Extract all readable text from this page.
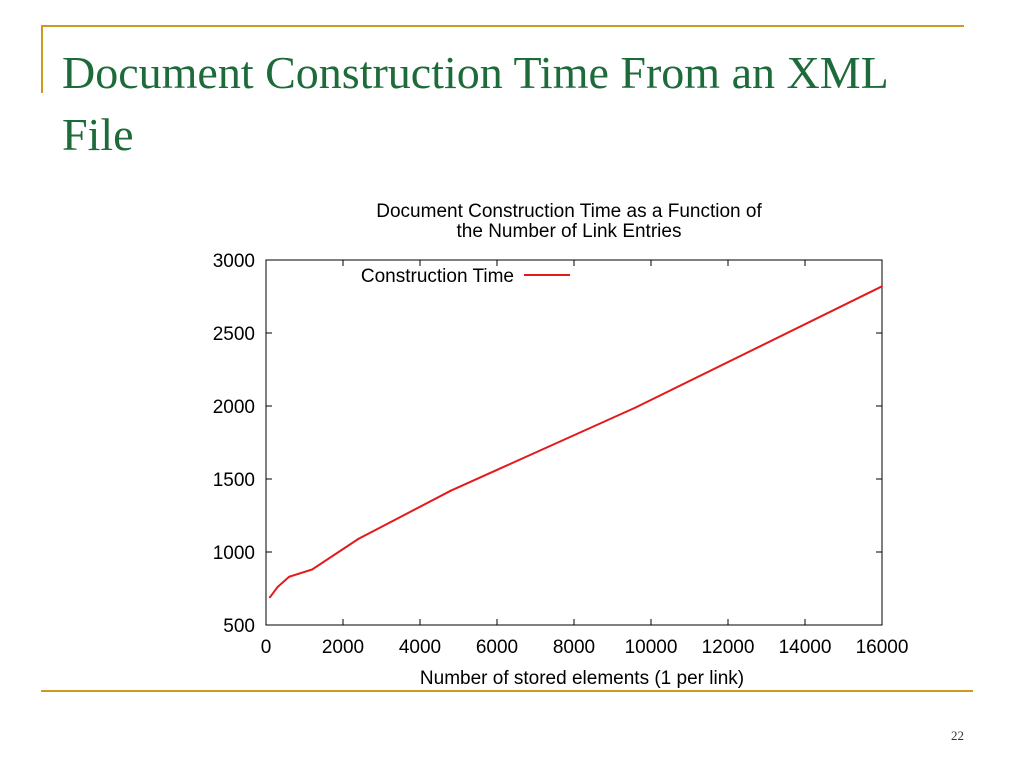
Document Construction Time From an XML File
0	2000 4000 6000 8000 10000 12000 14000 16000
500
1000
1500
2000
2500
3000
Construction Time
Document Construction Time as a Function of
the Number of Link Entries
Number of stored elements (1 per link)
22
